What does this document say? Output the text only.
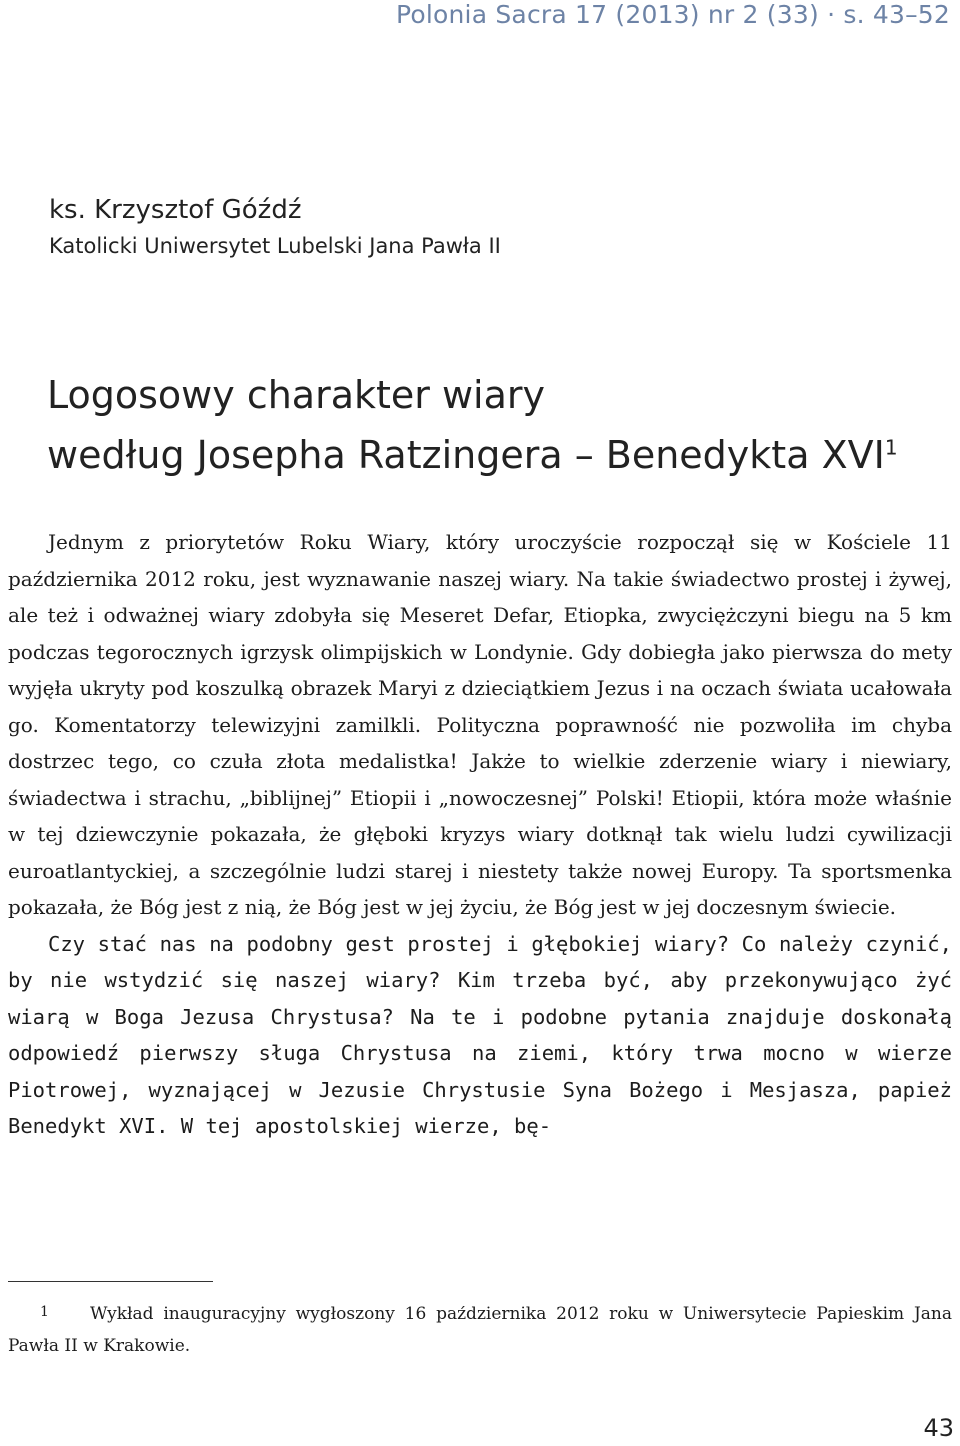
Polonia Sacra 17 (2013) nr 2 (33) · s. 43–52
ks. Krzysztof Góźdź
Katolicki Uniwersytet Lubelski Jana Pawła II
Logosowy charakter wiary
według Josepha Ratzingera – Benedykta XVI$^1$

Jednym z priorytetów Roku Wiary, który uroczyście rozpoczął się w Kościele 11 października 2012 roku, jest wyznawanie naszej wiary. Na takie świadectwo prostej i żywej, ale też i odważnej wiary zdobyła się Meseret Defar, Etiopka, zwyciężczyni biegu na 5 km podczas tegorocznych igrzysk olimpijskich w Londynie. Gdy dobiegła jako pierwsza do mety wyjęła ukryty pod koszulką obrazek Maryi z dzieciątkiem Jezus i na oczach świata ucałowała go. Komentatorzy telewizyjni zamilkli. Polityczna poprawność nie pozwoliła im chyba dostrzec tego, co czuła złota medalistka! Jakże to wielkie zderzenie wiary i niewiary, świadectwa i strachu, „biblijnej” Etiopii i „nowoczesnej” Polski! Etiopii, która może właśnie w tej dziewczynie pokazała, że głęboki kryzys wiary dotknął tak wielu ludzi cywilizacji euroatlantyckiej, a szczególnie ludzi starej i niestety także nowej Europy. Ta sportsmenka pokazała, że Bóg jest z nią, że Bóg jest w jej życiu, że Bóg jest w jej doczesnym świecie.

Czy stać nas na podobny gest prostej i głębokiej wiary? Co należy czynić, by nie wstydzić się naszej wiary? Kim trzeba być, aby przekonywująco żyć wiarą w Boga Jezusa Chrystusa? Na te i podobne pytania znajduje doskonałą odpowiedź pierwszy sługa Chrystusa na ziemi, który trwa mocno w wierze Piotrowej, wyznającej w Jezusie Chrystusie Syna Bożego i Mesjasza, papież Benedykt XVI. W tej apostolskiej wierze, bę-

1 Wykład inauguracyjny wygłoszony 16 października 2012 roku w Uniwersytecie Papieskim Jana Pawła II w Krakowie.
43
